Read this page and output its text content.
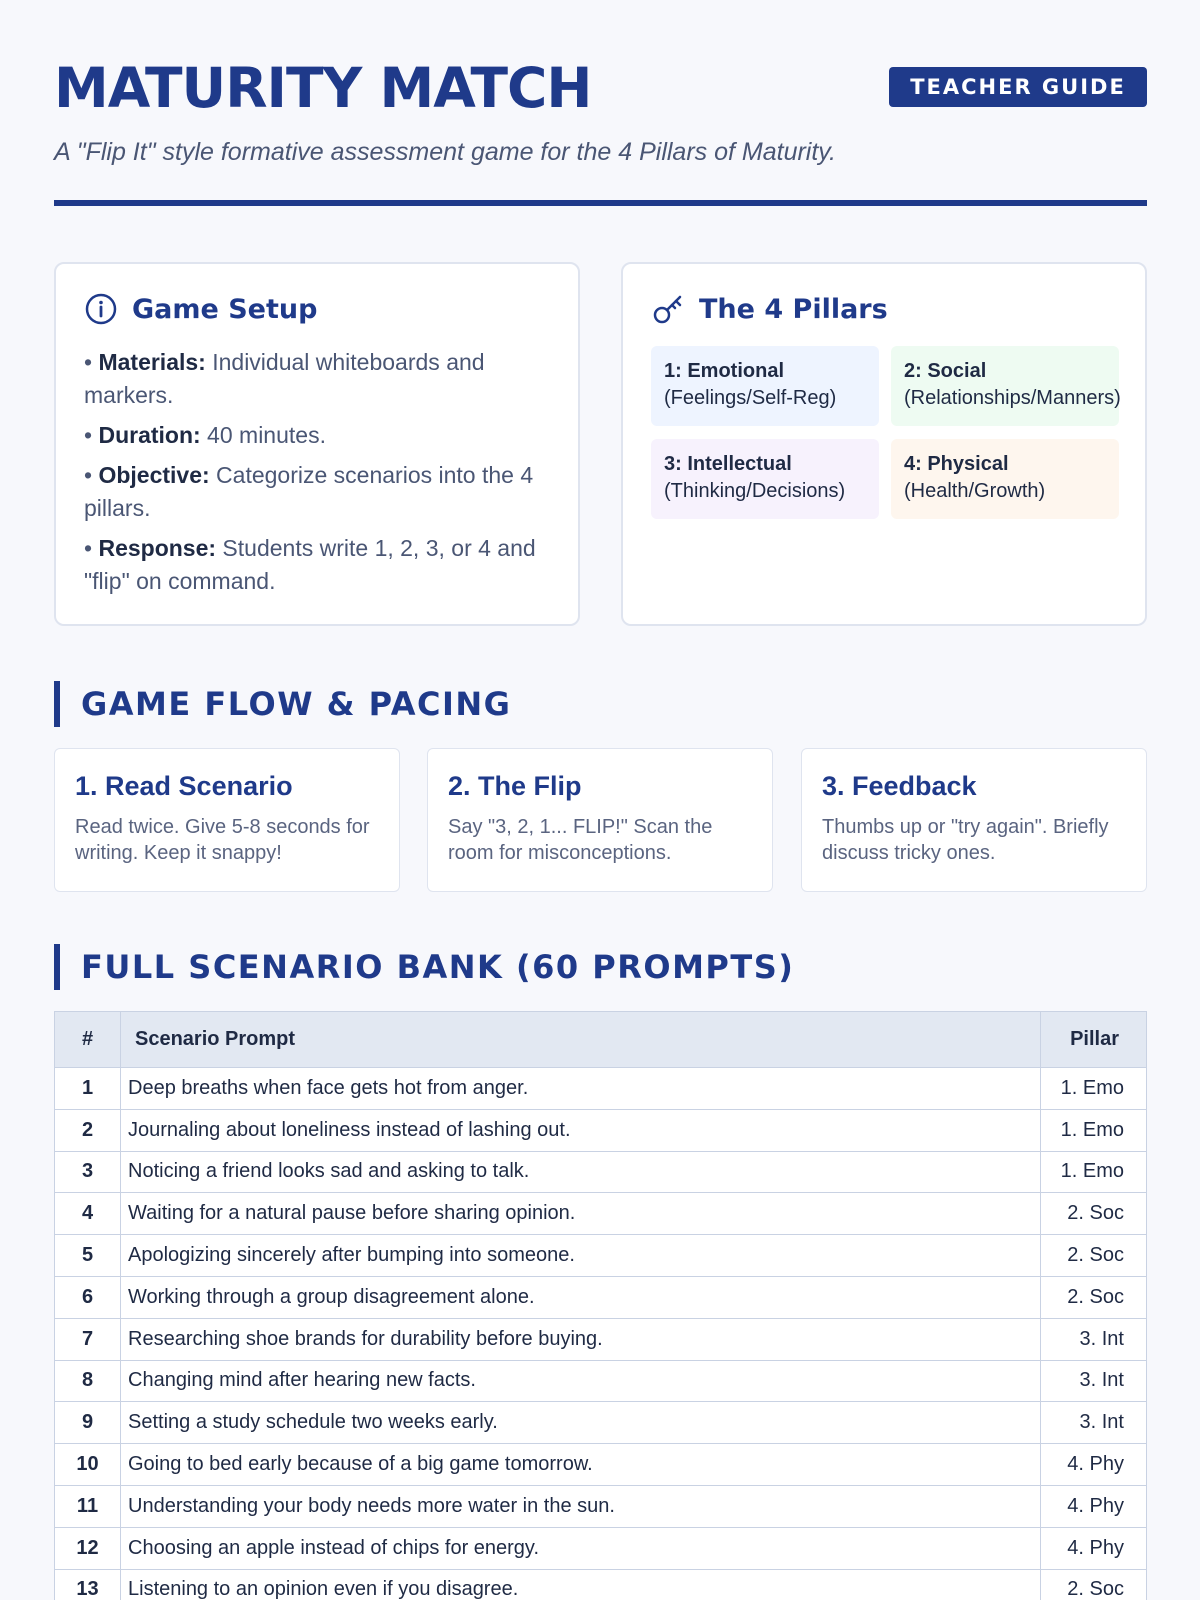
MATURITY MATCH	TEACHER GUIDE
A "Flip It" style formative assessment game for the 4 Pillars of Maturity.
Game Setup
• Materials: Individual whiteboards and markers.
• Duration: 40 minutes.
• Objective: Categorize scenarios into the 4 pillars.
• Response: Students write 1, 2, 3, or 4 and "flip" on command.
The 4 Pillars
1: Emotional
(Feelings/Self-Reg)
2: Social
(Relationships/Manners)
3: Intellectual
(Thinking/Decisions)
4: Physical
(Health/Growth)
GAME FLOW & PACING
1. Read Scenario
Read twice. Give 5-8 seconds for writing. Keep it snappy!
2. The Flip
Say "3, 2, 1... FLIP!" Scan the room for misconceptions.
3. Feedback
Thumbs up or "try again". Briefly discuss tricky ones.
FULL SCENARIO BANK (60 PROMPTS)
#	Scenario Prompt	Pillar
1	Deep breaths when face gets hot from anger.	1. Emo
2	Journaling about loneliness instead of lashing out.	1. Emo
3	Noticing a friend looks sad and asking to talk.	1. Emo
4	Waiting for a natural pause before sharing opinion.	2. Soc
5	Apologizing sincerely after bumping into someone.	2. Soc
6	Working through a group disagreement alone.	2. Soc
7	Researching shoe brands for durability before buying.	3. Int
8	Changing mind after hearing new facts.	3. Int
9	Setting a study schedule two weeks early.	3. Int
10	Going to bed early because of a big game tomorrow.	4. Phy
11	Understanding your body needs more water in the sun.	4. Phy
12	Choosing an apple instead of chips for energy.	4. Phy
13	Listening to an opinion even if you disagree.	2. Soc
